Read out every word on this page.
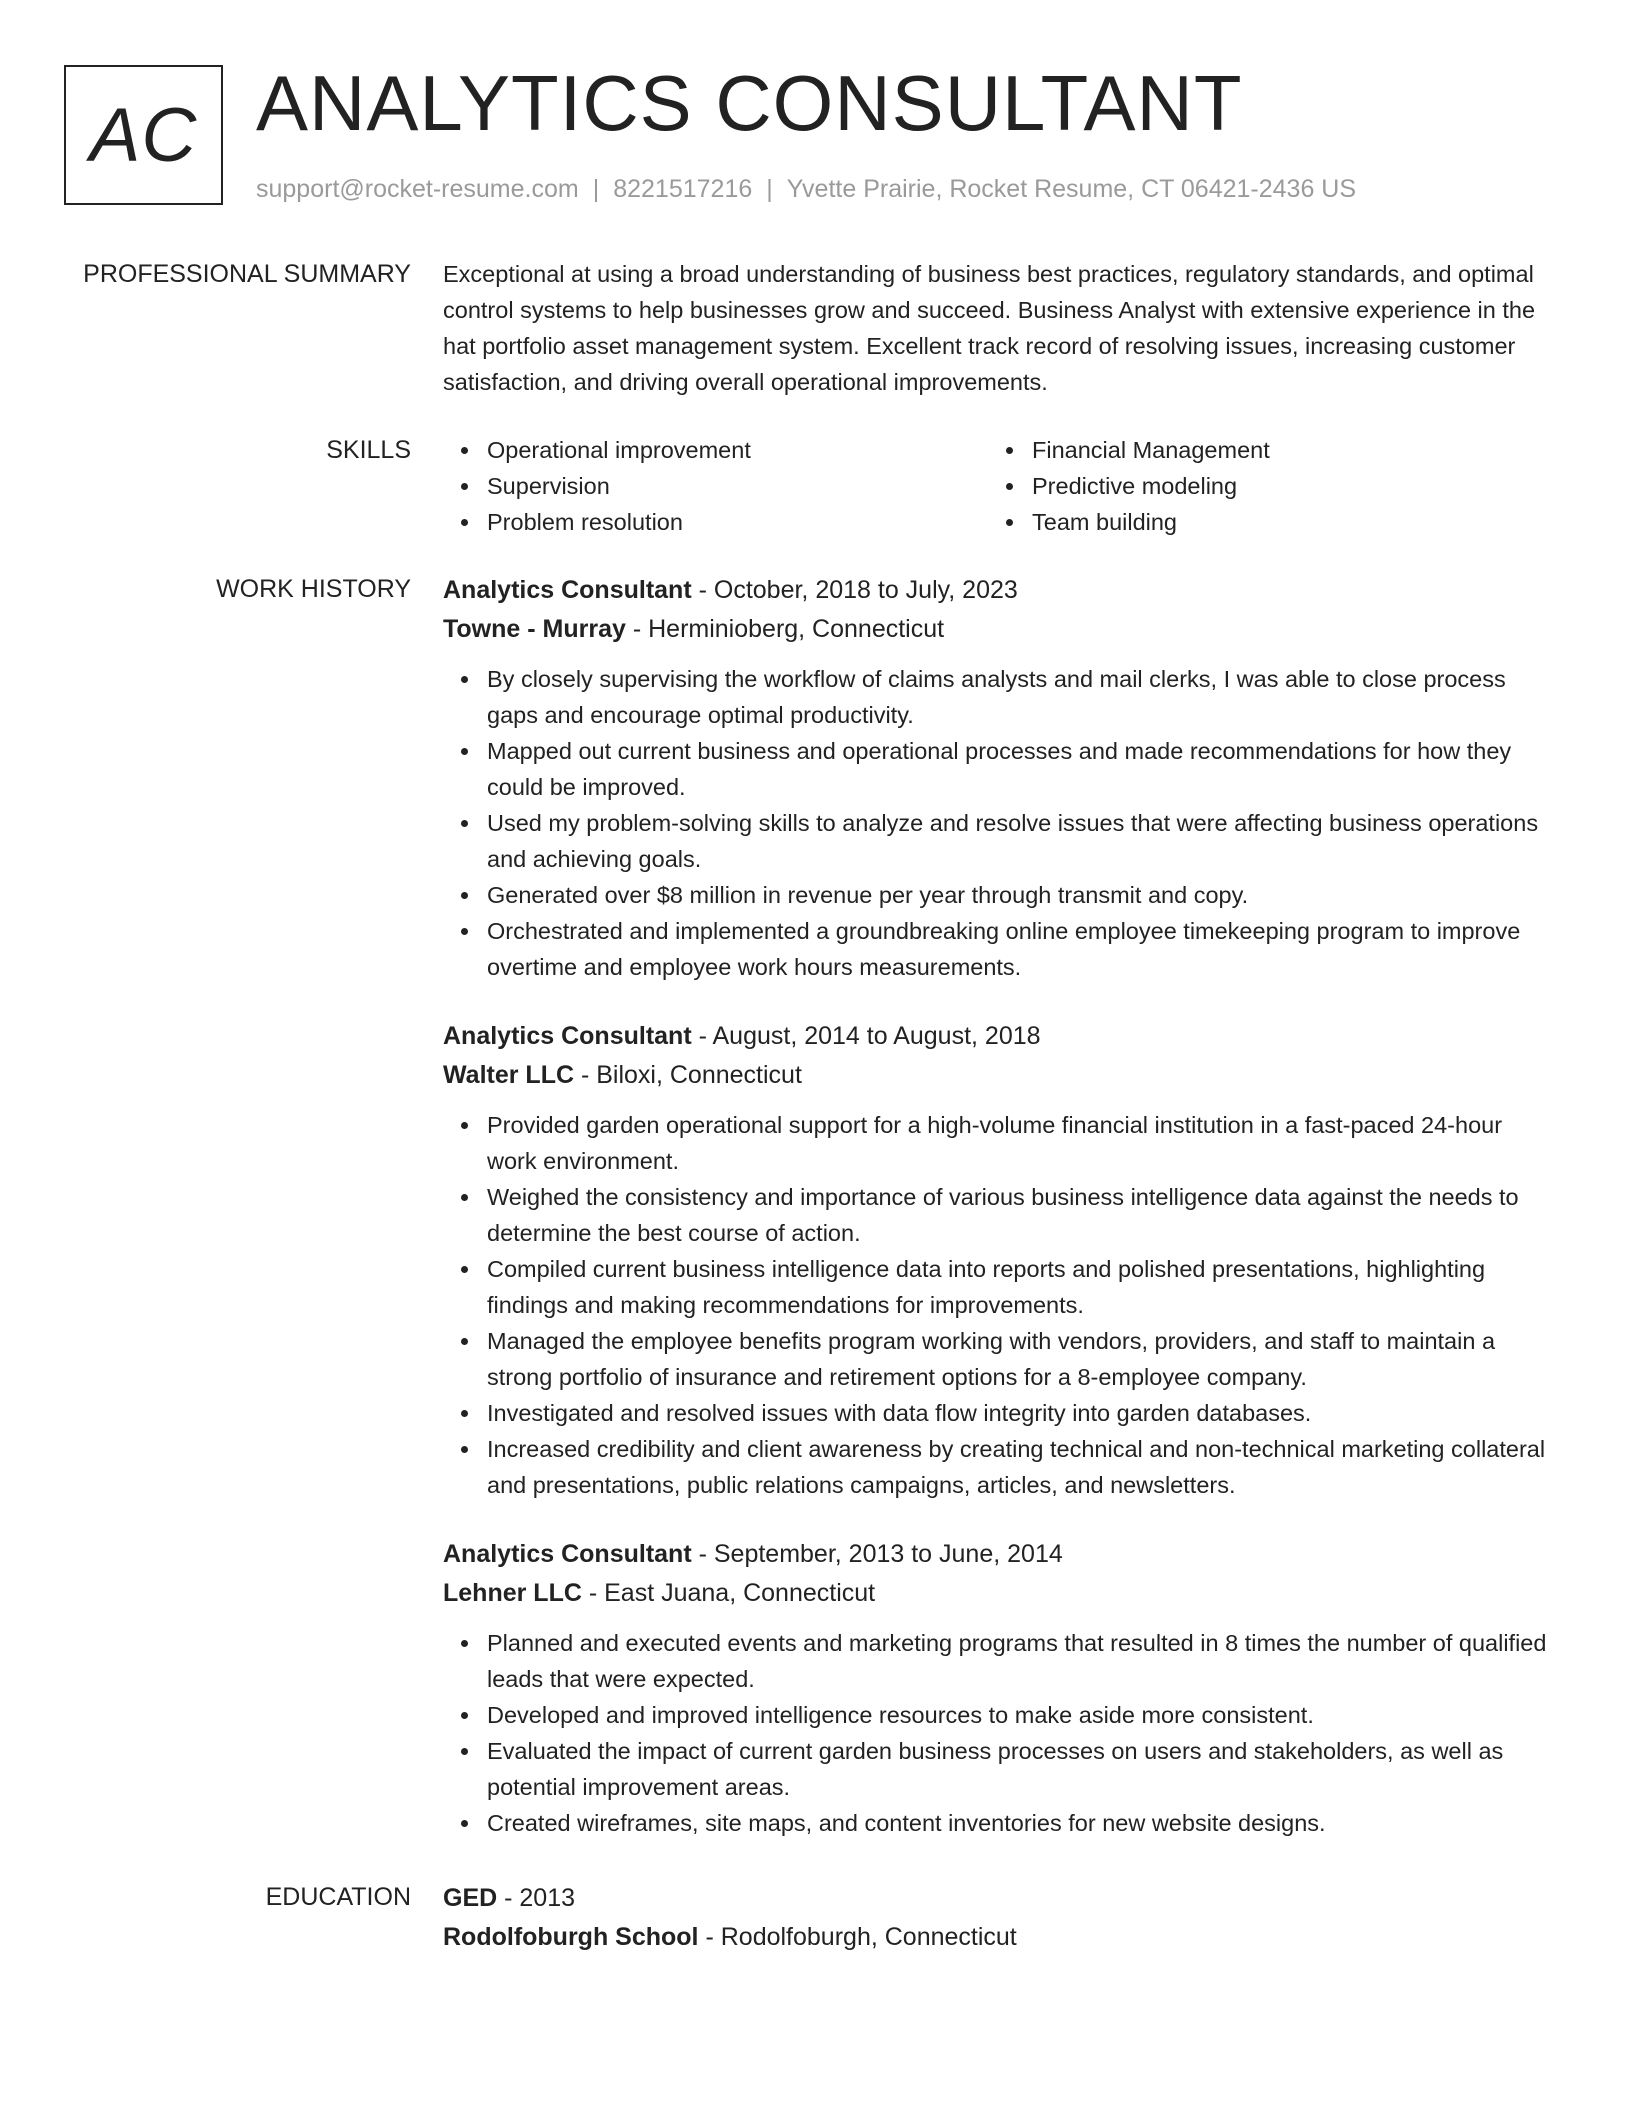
AC ANALYTICS CONSULTANT
support@rocket-resume.com | 8221517216 | Yvette Prairie, Rocket Resume, CT 06421-2436 US
PROFESSIONAL SUMMARY Exceptional at using a broad understanding of business best practices, regulatory standards, and optimal control systems to help businesses grow and succeed. Business Analyst with extensive experience in the hat portfolio asset management system. Excellent track record of resolving issues, increasing customer satisfaction, and driving overall operational improvements.

SKILLS	Operational improvement
Supervision
Problem resolution
Financial Management
Predictive modeling
Team building
WORK HISTORY Analytics Consultant - October, 2018 to July, 2023
Towne - Murray - Herminioberg, Connecticut
By closely supervising the workflow of claims analysts and mail clerks, I was able to close process gaps and encourage optimal productivity.
Mapped out current business and operational processes and made recommendations for how they could be improved.
Used my problem-solving skills to analyze and resolve issues that were affecting business operations and achieving goals.
Generated over $8 million in revenue per year through transmit and copy.
Orchestrated and implemented a groundbreaking online employee timekeeping program to improve overtime and employee work hours measurements.
Analytics Consultant - August, 2014 to August, 2018
Walter LLC - Biloxi, Connecticut
Provided garden operational support for a high-volume financial institution in a fast-paced 24-hour work environment.
Weighed the consistency and importance of various business intelligence data against the needs to determine the best course of action.
Compiled current business intelligence data into reports and polished presentations, highlighting findings and making recommendations for improvements.
Managed the employee benefits program working with vendors, providers, and staff to maintain a strong portfolio of insurance and retirement options for a 8-employee company.
Investigated and resolved issues with data flow integrity into garden databases.
Increased credibility and client awareness by creating technical and non-technical marketing collateral and presentations, public relations campaigns, articles, and newsletters.
Analytics Consultant - September, 2013 to June, 2014
Lehner LLC - East Juana, Connecticut
Planned and executed events and marketing programs that resulted in 8 times the number of qualified leads that were expected.
Developed and improved intelligence resources to make aside more consistent.
Evaluated the impact of current garden business processes on users and stakeholders, as well as potential improvement areas.
Created wireframes, site maps, and content inventories for new website designs.
EDUCATION GED - 2013
Rodolfoburgh School - Rodolfoburgh, Connecticut
